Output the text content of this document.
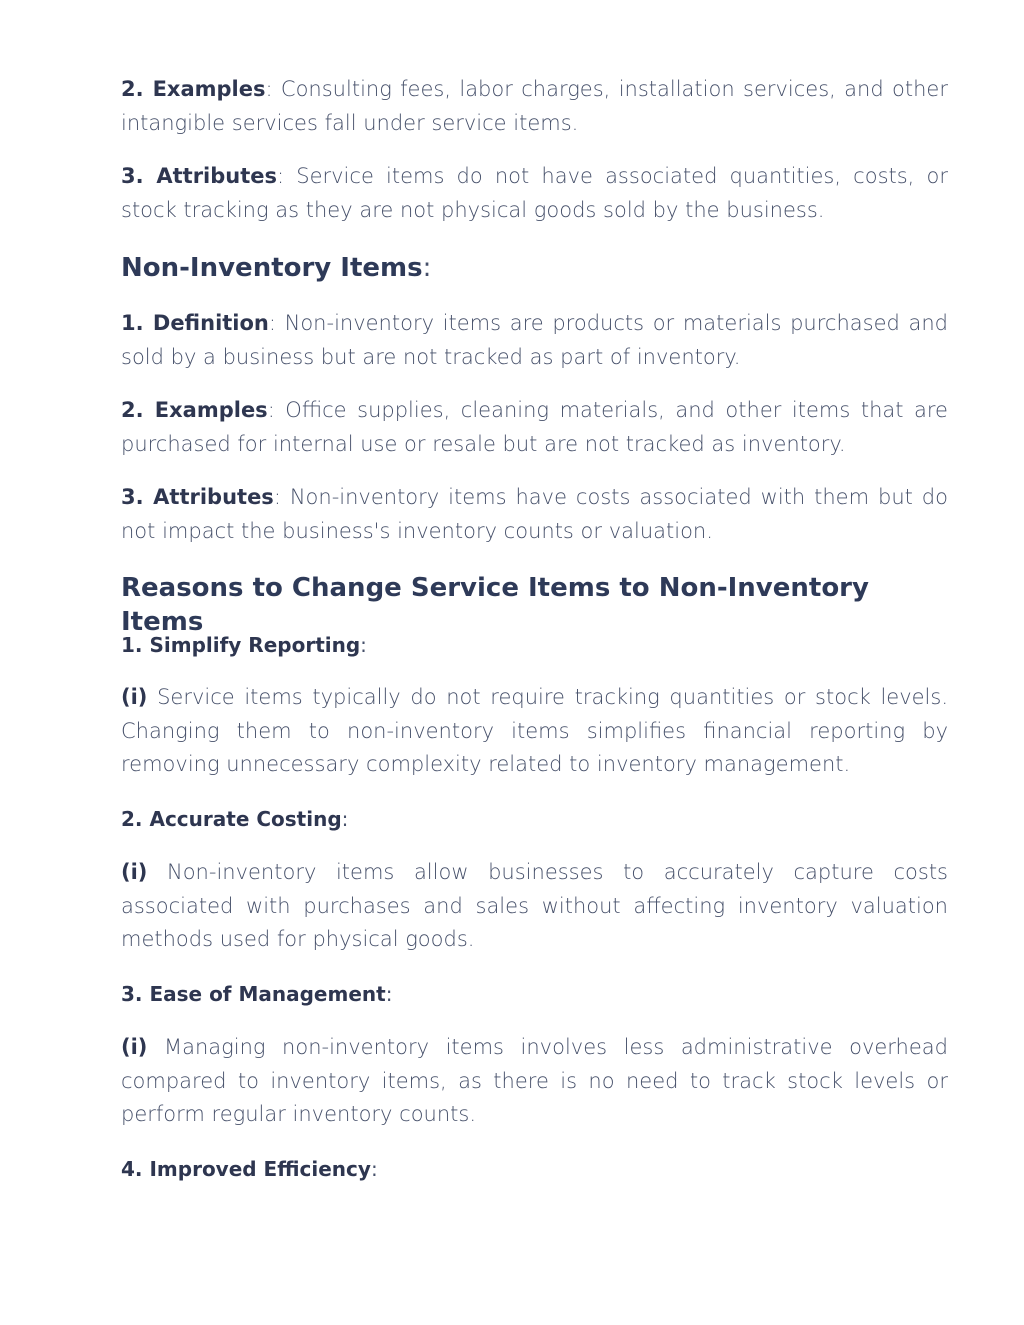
2. Examples: Consulting fees, labor charges, installation services, and other intangible services fall under service items.

3. Attributes: Service items do not have associated quantities, costs, or stock tracking as they are not physical goods sold by the business.

Non-Inventory Items:

1. Definition: Non-inventory items are products or materials purchased and sold by a business but are not tracked as part of inventory.

2. Examples: Office supplies, cleaning materials, and other items that are purchased for internal use or resale but are not tracked as inventory.

3. Attributes: Non-inventory items have costs associated with them but do not impact the business's inventory counts or valuation.

Reasons to Change Service Items to Non-Inventory Items

1. Simplify Reporting:

(i) Service items typically do not require tracking quantities or stock levels. Changing them to non-inventory items simplifies financial reporting by removing unnecessary complexity related to inventory management.

2. Accurate Costing:

(i) Non-inventory items allow businesses to accurately capture costs associated with purchases and sales without affecting inventory valuation methods used for physical goods.

3. Ease of Management:

(i) Managing non-inventory items involves less administrative overhead compared to inventory items, as there is no need to track stock levels or perform regular inventory counts.

4. Improved Efficiency:
